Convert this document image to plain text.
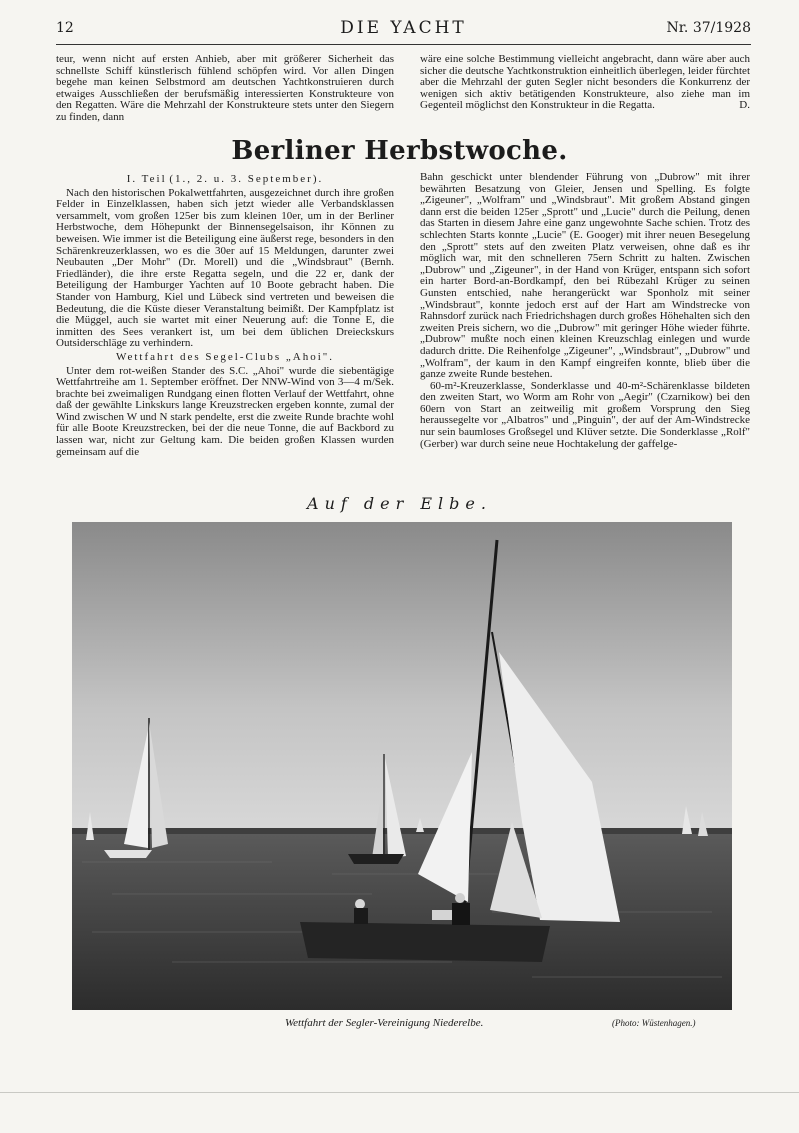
12	DIE YACHT	Nr. 37/1928

teur, wenn nicht auf ersten Anhieb, aber mit größerer Sicherheit das schnellste Schiff künstlerisch fühlend schöpfen wird. Vor allen Dingen begehe man keinen Selbstmord am deutschen Yachtkonstruieren durch etwaiges Ausschließen der berufsmäßig interessierten Konstrukteure von den Regatten. Wäre die Mehrzahl der Konstrukteure stets unter den Siegern zu finden, dann

wäre eine solche Bestimmung vielleicht angebracht, dann wäre aber auch sicher die deutsche Yachtkonstruktion einheitlich überlegen, leider fürchtet aber die Mehrzahl der guten Segler nicht besonders die Konkurrenz der wenigen sich aktiv betätigenden Konstrukteure, also ziehe man im Gegenteil möglichst den Konstrukteur in die Regatta.	D.

Berliner Herbstwoche.

I. Teil (1., 2. u. 3. September).

Nach den historischen Pokalwettfahrten, ausgezeichnet durch ihre großen Felder in Einzelklassen, haben sich jetzt wieder alle Verbandsklassen versammelt, vom großen 125er bis zum kleinen 10er, um in der Berliner Herbstwoche, dem Höhepunkt der Binnensegelsaison, ihr Können zu beweisen. Wie immer ist die Beteiligung eine äußerst rege, besonders in den Schärenkreuzerklassen, wo es die 30er auf 15 Meldungen, darunter zwei Neubauten „Der Mohr" (Dr. Morell) und die „Windsbraut" (Bernh. Friedländer), die ihre erste Regatta segeln, und die 22 er, dank der Beteiligung der Hamburger Yachten auf 10 Boote gebracht haben. Die Stander von Hamburg, Kiel und Lübeck sind vertreten und beweisen die Bedeutung, die die Küste dieser Veranstaltung beimißt. Der Kampfplatz ist die Müggel, auch sie wartet mit einer Neuerung auf: die Tonne E, die inmitten des Sees verankert ist, um bei dem üblichen Dreieckskurs Outsiderschläge zu verhindern.

Wettfahrt des Segel-Clubs „Ahoi".

Unter dem rot-weißen Stander des S.C. „Ahoi" wurde die siebentägige Wettfahrtreihe am 1. September eröffnet. Der NNW-Wind von 3—4 m/Sek. brachte bei zweimaligen Rundgang einen flotten Verlauf der Wettfahrt, ohne daß der gewählte Linkskurs lange Kreuzstrecken ergeben konnte, zumal der Wind zwischen W und N stark pendelte, erst die zweite Runde brachte wohl für alle Boote Kreuzstrecken, bei der die neue Tonne, die auf Backbord zu lassen war, nicht zur Geltung kam. Die beiden großen Klassen wurden gemeinsam auf die

Bahn geschickt unter blendender Führung von „Dubrow" mit ihrer bewährten Besatzung von Gleier, Jensen und Spelling. Es folgte „Zigeuner", „Wolfram" und „Windsbraut". Mit großem Abstand gingen dann erst die beiden 125er „Sprott" und „Lucie" durch die Peilung, denen das Starten in diesem Jahre eine ganz ungewohnte Sache schien. Trotz des schlechten Starts konnte „Lucie" (E. Googer) mit ihrer neuen Besegelung den „Sprott" stets auf den zweiten Platz verweisen, ohne daß es ihr möglich war, mit den schnelleren 75ern Schritt zu halten. Zwischen „Dubrow" und „Zigeuner", in der Hand von Krüger, entspann sich sofort ein harter Bord-an-Bordkampf, den bei Rübezahl Krüger zu seinen Gunsten entschied, nahe herangerückt war Sponholz mit seiner „Windsbraut", konnte jedoch erst auf der Hart am Windstrecke von Rahnsdorf zurück nach Friedrichshagen durch großes Höhehalten sich den zweiten Preis sichern, wo die „Dubrow" mit geringer Höhe wieder führte. „Dubrow" mußte noch einen kleinen Kreuzschlag einlegen und wurde dadurch dritte. Die Reihenfolge „Zigeuner", „Windsbraut", „Dubrow" und „Wolfram", der kaum in den Kampf eingreifen konnte, blieb über die ganze zweite Runde bestehen.

60-m²-Kreuzerklasse, Sonderklasse und 40-m²-Schärenklasse bildeten den zweiten Start, wo Worm am Rohr von „Aegir" (Czarnikow) bei den 60ern von Start an zeitweilig mit großem Vorsprung den Sieg heraussegelte vor „Albatros" und „Pinguin", der auf der Am-Windstrecke nur sein baumloses Großsegel und Klüver setzte. Die Sonderklasse „Rolf" (Gerber) war durch seine neue Hochtakelung der gaffelge-

Auf der Elbe.
Wettfahrt der Segler-Vereinigung Niederelbe.	(Photo: Wüstenhagen.)
